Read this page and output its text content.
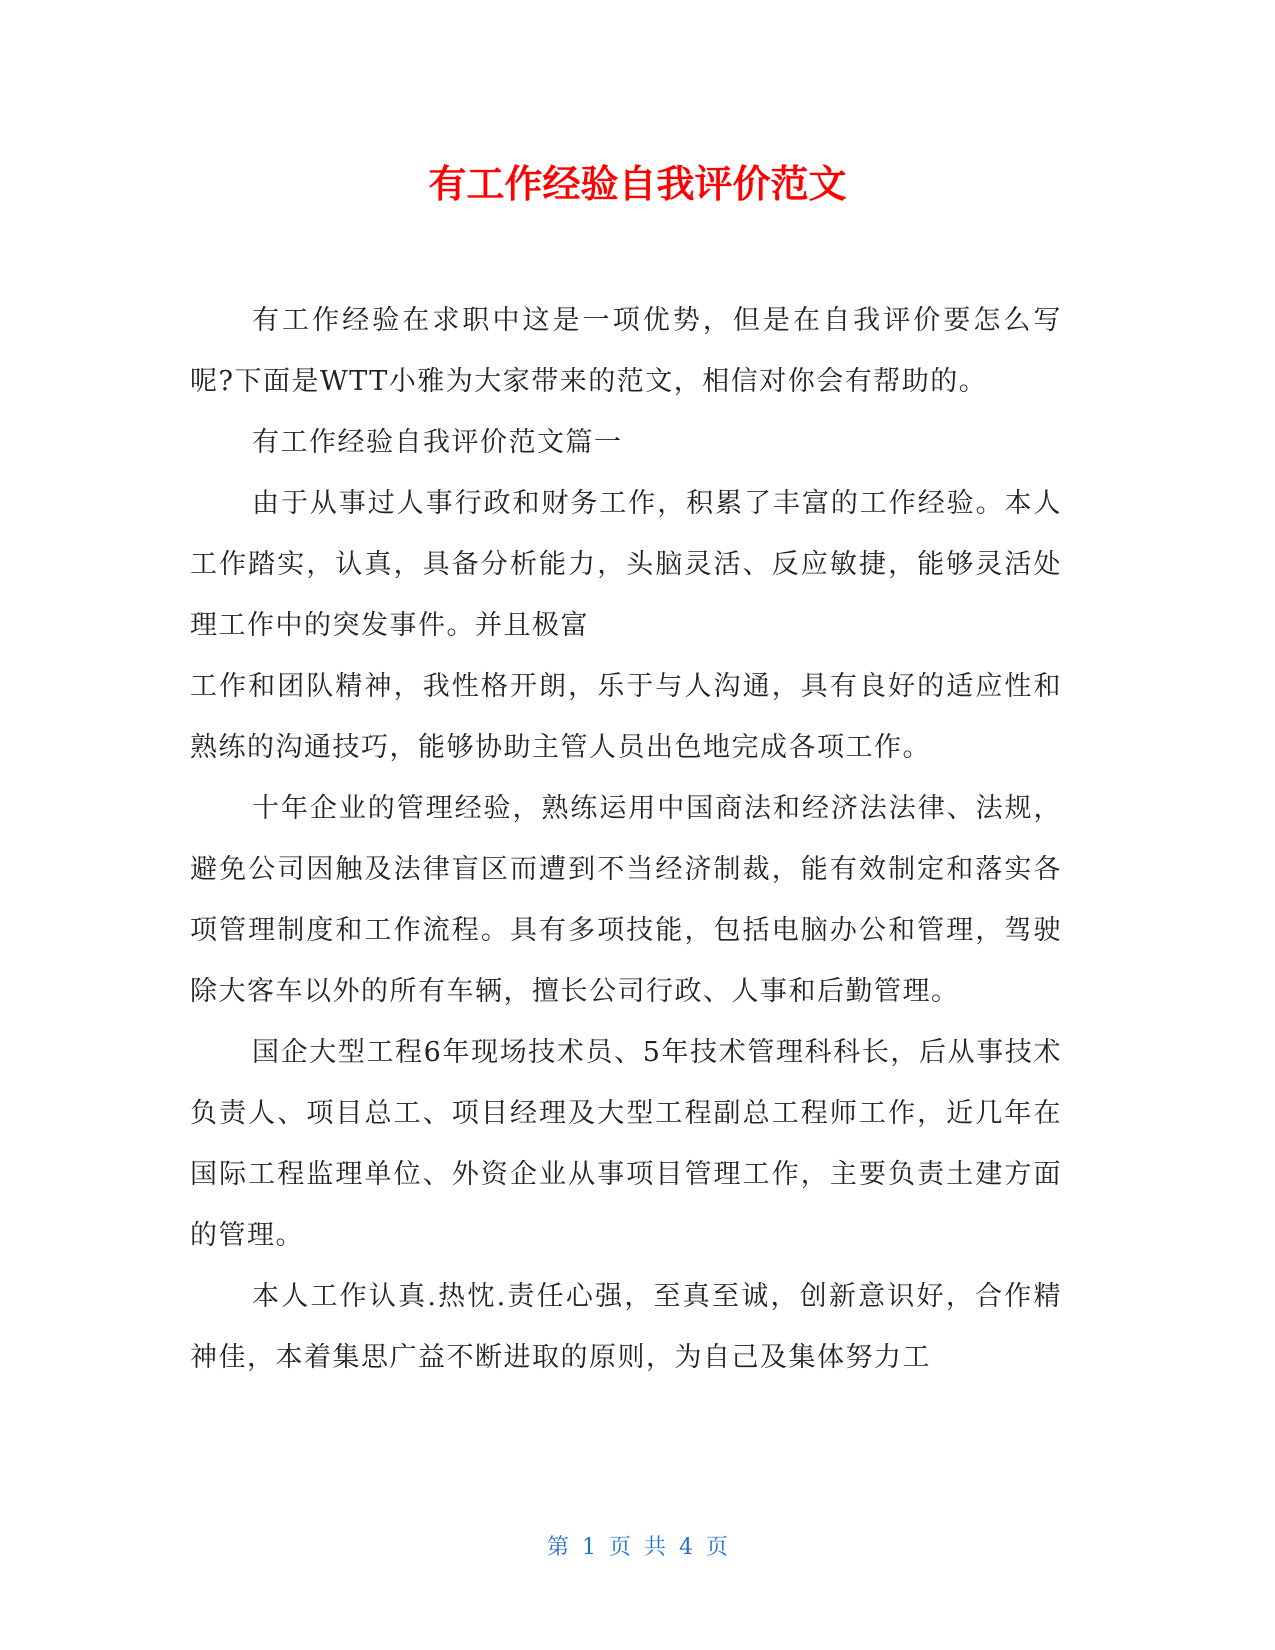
有工作经验自我评价范文

有工作经验在求职中这是一项优势，但是在自我评价要怎么写呢?下面是WTT小雅为大家带来的范文，相信对你会有帮助的。

有工作经验自我评价范文篇一

由于从事过人事行政和财务工作，积累了丰富的工作经验。本人工作踏实，认真，具备分析能力，头脑灵活、反应敏捷，能够灵活处理工作中的突发事件。并且极富

工作和团队精神，我性格开朗，乐于与人沟通，具有良好的适应性和熟练的沟通技巧，能够协助主管人员出色地完成各项工作。

十年企业的管理经验，熟练运用中国商法和经济法法律、法规，避免公司因触及法律盲区而遭到不当经济制裁，能有效制定和落实各项管理制度和工作流程。具有多项技能，包括电脑办公和管理，驾驶除大客车以外的所有车辆，擅长公司行政、人事和后勤管理。

国企大型工程6年现场技术员、5年技术管理科科长，后从事技术负责人、项目总工、项目经理及大型工程副总工程师工作，近几年在国际工程监理单位、外资企业从事项目管理工作，主要负责土建方面的管理。

本人工作认真.热忱.责任心强，至真至诚，创新意识好，合作精神佳，本着集思广益不断进取的原则，为自己及集体努力工

第 1 页 共 4 页
